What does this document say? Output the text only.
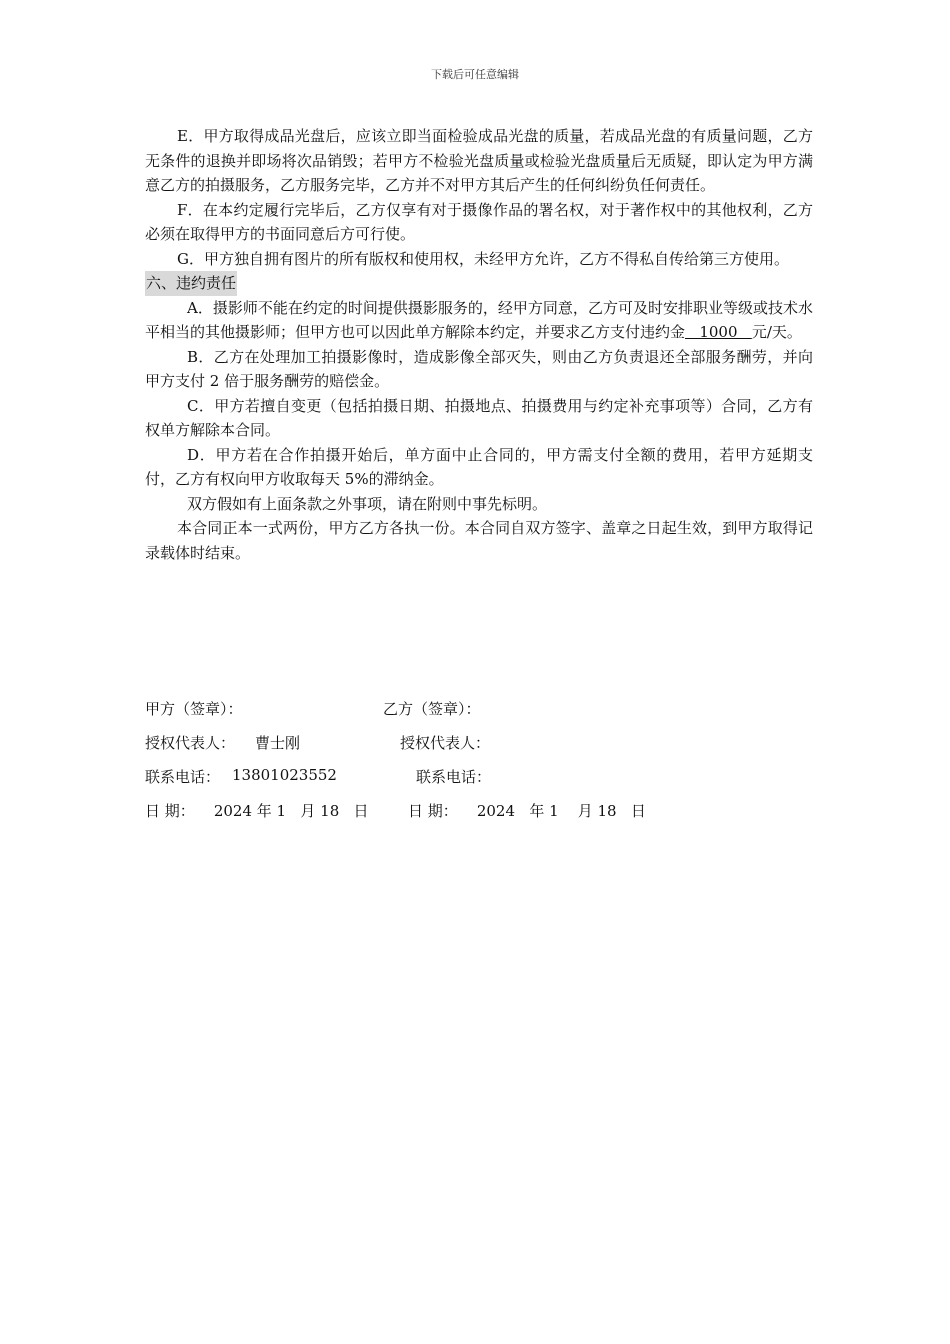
下载后可任意编辑

E．甲方取得成品光盘后，应该立即当面检验成品光盘的质量，若成品光盘的有质量问题，乙方无条件的退换并即场将次品销毁；若甲方不检验光盘质量或检验光盘质量后无质疑，即认定为甲方满意乙方的拍摄服务，乙方服务完毕，乙方并不对甲方其后产生的任何纠纷负任何责任。

F．在本约定履行完毕后，乙方仅享有对于摄像作品的署名权，对于著作权中的其他权利，乙方必须在取得甲方的书面同意后方可行使。

G．甲方独自拥有图片的所有版权和使用权，未经甲方允许，乙方不得私自传给第三方使用。

六、违约责任

A．摄影师不能在约定的时间提供摄影服务的，经甲方同意，乙方可及时安排职业等级或技术水平相当的其他摄影师；但甲方也可以因此单方解除本约定，并要求乙方支付违约金   1000   元/天。

B．乙方在处理加工拍摄影像时，造成影像全部灭失，则由乙方负责退还全部服务酬劳，并向甲方支付 2 倍于服务酬劳的赔偿金。

C．甲方若擅自变更（包括拍摄日期、拍摄地点、拍摄费用与约定补充事项等）合同，乙方有权单方解除本合同。

D．甲方若在合作拍摄开始后，单方面中止合同的，甲方需支付全额的费用，若甲方延期支付，乙方有权向甲方收取每天 5%的滞纳金。

双方假如有上面条款之外事项，请在附则中事先标明。

本合同正本一式两份，甲方乙方各执一份。本合同自双方签字、盖章之日起生效，到甲方取得记录载体时结束。

甲方（签章）：	乙方（签章）：
授权代表人： 曹士刚	授权代表人：
联系电话： 13801023552	联系电话：
日 期：    2024 年 1   月 18   日	日 期：    2024   年 1    月 18   日
